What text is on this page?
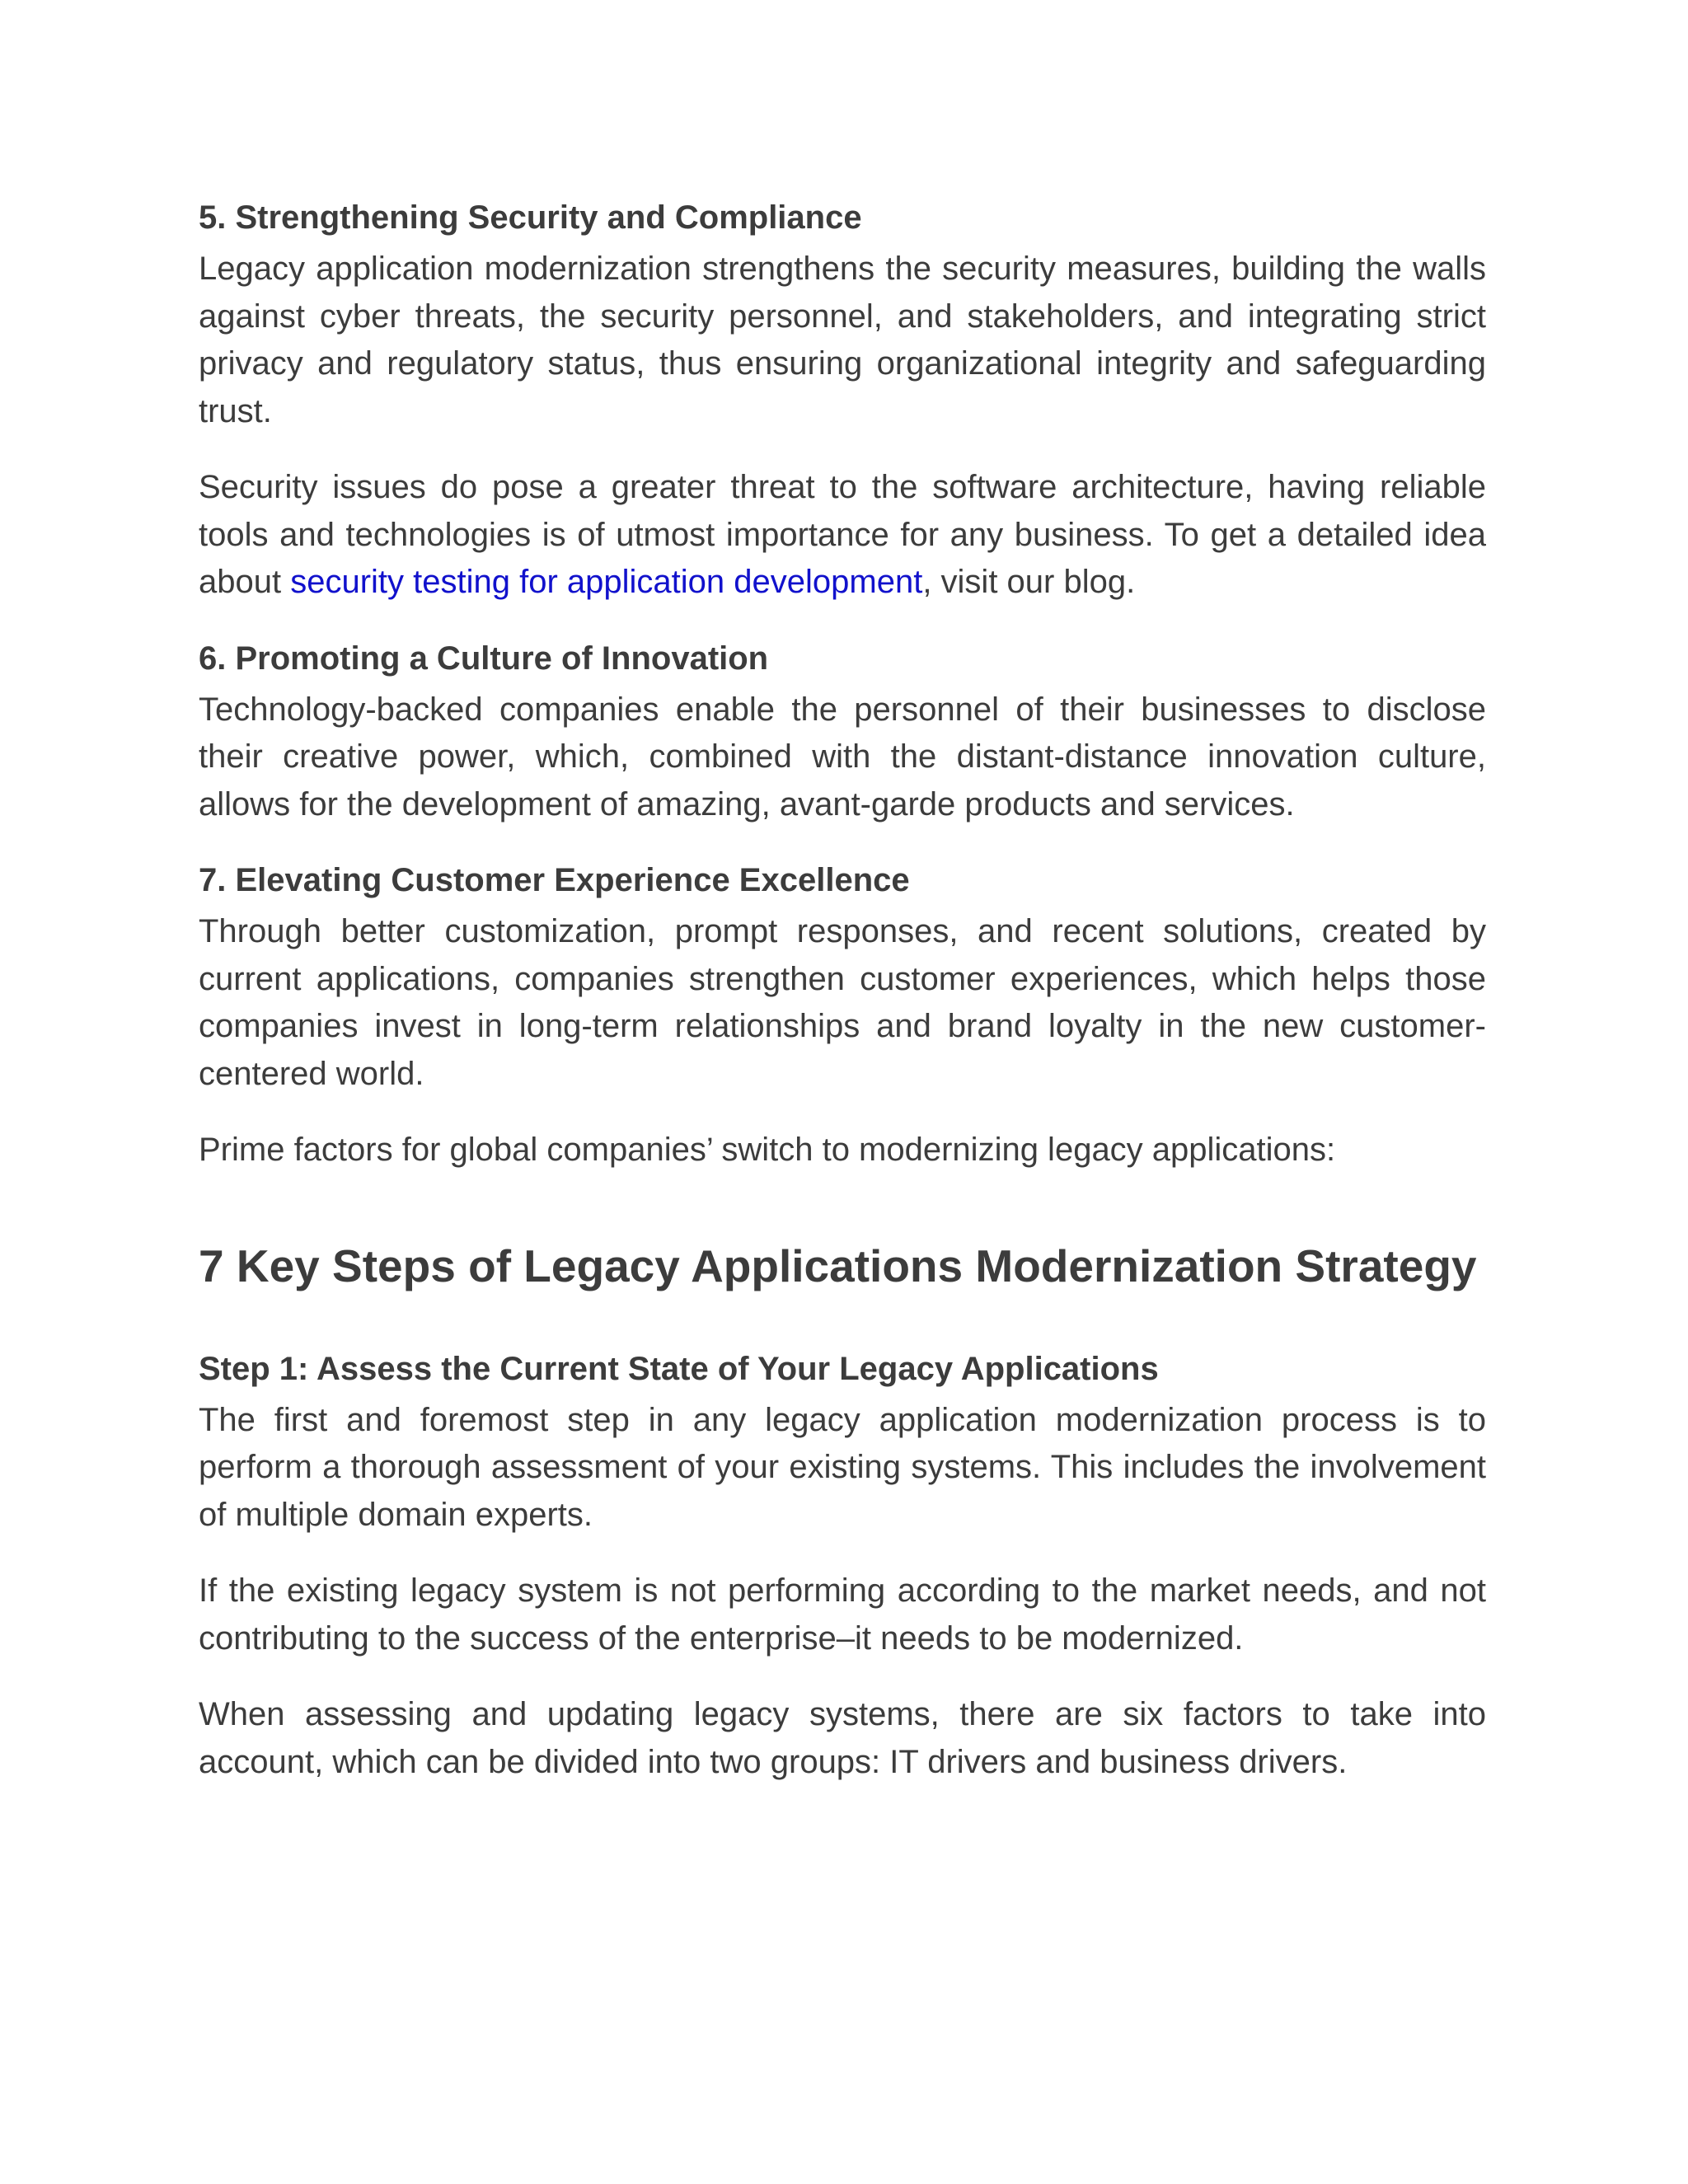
5. Strengthening Security and Compliance

Legacy application modernization strengthens the security measures, building the walls against cyber threats, the security personnel, and stakeholders, and integrating strict privacy and regulatory status, thus ensuring organizational integrity and safeguarding trust.

Security issues do pose a greater threat to the software architecture, having reliable tools and technologies is of utmost importance for any business. To get a detailed idea about security testing for application development, visit our blog.

6. Promoting a Culture of Innovation

Technology-backed companies enable the personnel of their businesses to disclose their creative power, which, combined with the distant-distance innovation culture, allows for the development of amazing, avant-garde products and services.

7. Elevating Customer Experience Excellence

Through better customization, prompt responses, and recent solutions, created by current applications, companies strengthen customer experiences, which helps those companies invest in long-term relationships and brand loyalty in the new customer-centered world.

Prime factors for global companies’ switch to modernizing legacy applications:

7 Key Steps of Legacy Applications Modernization Strategy
Step 1: Assess the Current State of Your Legacy Applications

The first and foremost step in any legacy application modernization process is to perform a thorough assessment of your existing systems. This includes the involvement of multiple domain experts.

If the existing legacy system is not performing according to the market needs, and not contributing to the success of the enterprise–it needs to be modernized.

When assessing and updating legacy systems, there are six factors to take into account, which can be divided into two groups: IT drivers and business drivers.
